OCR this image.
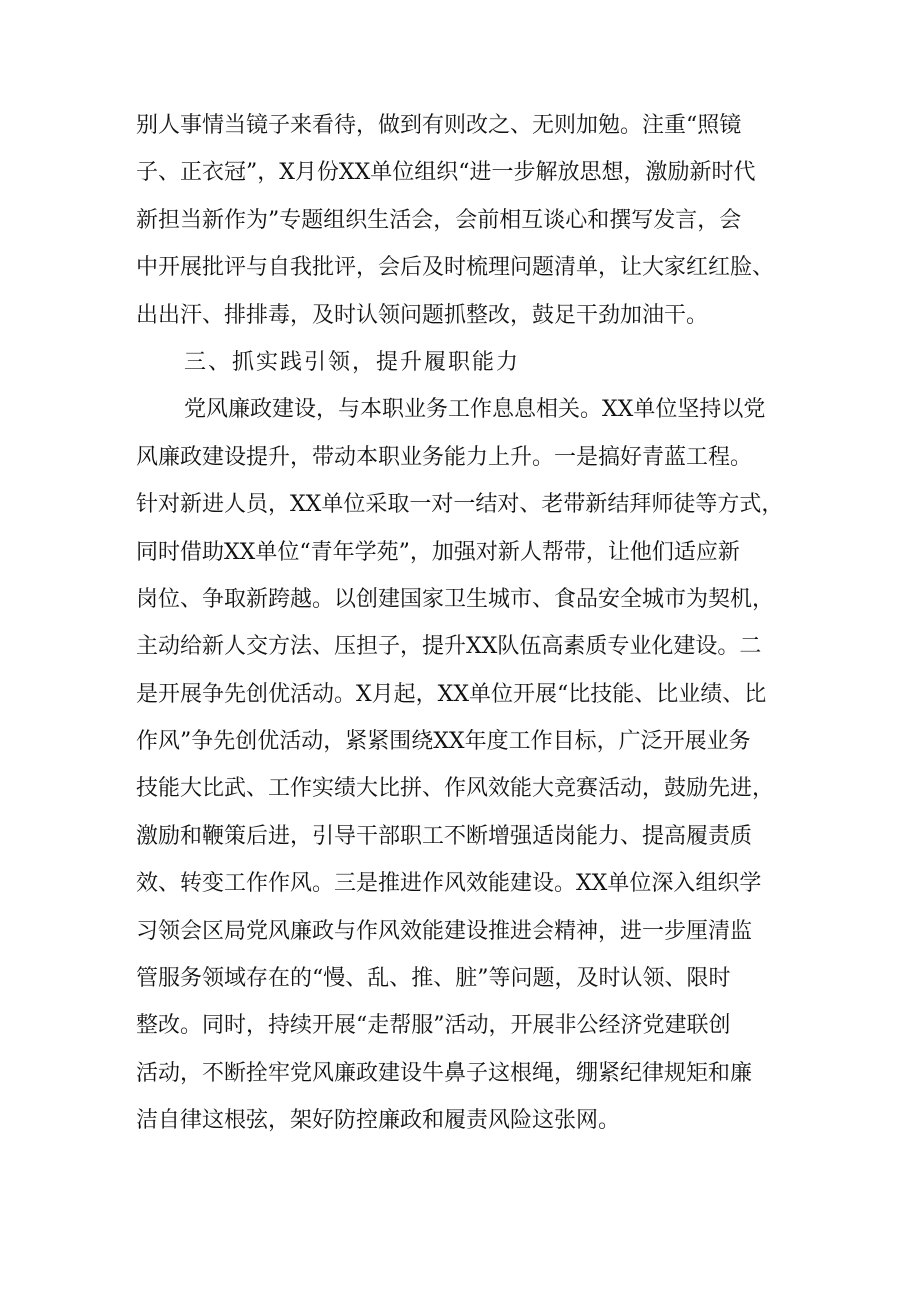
别人事情当镜子来看待，做到有则改之、无则加勉。注重“照镜
子、正衣冠”，X月份XX单位组织“进一步解放思想，激励新时代
新担当新作为”专题组织生活会，会前相互谈心和撰写发言，会
中开展批评与自我批评，会后及时梳理问题清单，让大家红红脸、
出出汗、排排毒，及时认领问题抓整改，鼓足干劲加油干。
三、抓实践引领，提升履职能力
党风廉政建设，与本职业务工作息息相关。XX单位坚持以党
风廉政建设提升，带动本职业务能力上升。一是搞好青蓝工程。
针对新进人员，XX单位采取一对一结对、老带新结拜师徒等方式，
同时借助XX单位“青年学苑”，加强对新人帮带，让他们适应新
岗位、争取新跨越。以创建国家卫生城市、食品安全城市为契机，
主动给新人交方法、压担子，提升XX队伍高素质专业化建设。二
是开展争先创优活动。X月起，XX单位开展“比技能、比业绩、比
作风”争先创优活动，紧紧围绕XX年度工作目标，广泛开展业务
技能大比武、工作实绩大比拼、作风效能大竞赛活动，鼓励先进，
激励和鞭策后进，引导干部职工不断增强适岗能力、提高履责质
效、转变工作作风。三是推进作风效能建设。XX单位深入组织学
习领会区局党风廉政与作风效能建设推进会精神，进一步厘清监
管服务领域存在的“慢、乱、推、脏”等问题，及时认领、限时
整改。同时，持续开展“走帮服”活动，开展非公经济党建联创
活动，不断拴牢党风廉政建设牛鼻子这根绳，绷紧纪律规矩和廉
洁自律这根弦，架好防控廉政和履责风险这张网。
